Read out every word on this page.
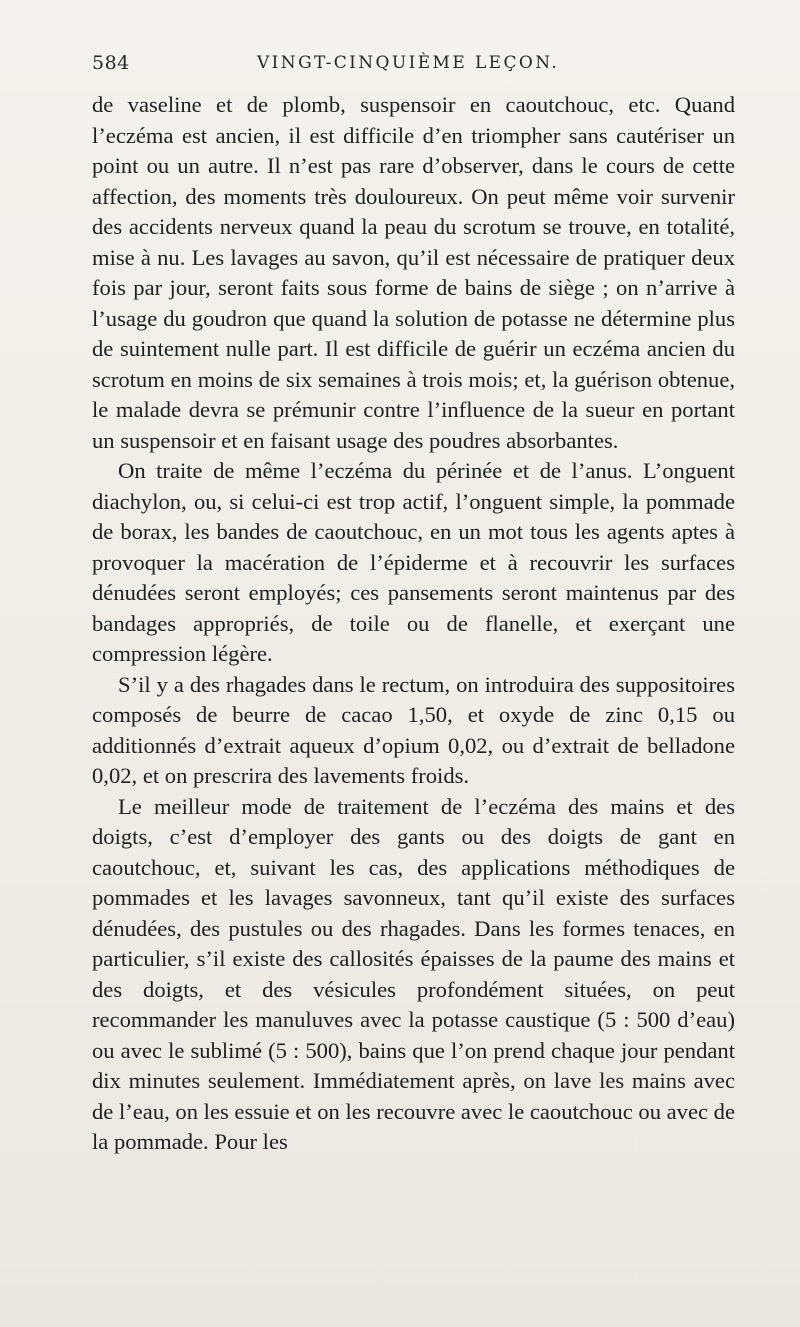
584	VINGT-CINQUIÈME LEÇON.

de vaseline et de plomb, suspensoir en caoutchouc, etc. Quand l’eczéma est ancien, il est difficile d’en triompher sans cautériser un point ou un autre. Il n’est pas rare d’observer, dans le cours de cette affection, des moments très douloureux. On peut même voir survenir des accidents nerveux quand la peau du scrotum se trouve, en totalité, mise à nu. Les lavages au savon, qu’il est nécessaire de pratiquer deux fois par jour, seront faits sous forme de bains de siège ; on n’arrive à l’usage du goudron que quand la solution de potasse ne détermine plus de suintement nulle part. Il est difficile de guérir un eczéma ancien du scrotum en moins de six semaines à trois mois; et, la guérison obtenue, le malade devra se prémunir contre l’influence de la sueur en portant un suspensoir et en faisant usage des poudres absorbantes.

On traite de même l’eczéma du périnée et de l’anus. L’onguent diachylon, ou, si celui-ci est trop actif, l’onguent simple, la pommade de borax, les bandes de caoutchouc, en un mot tous les agents aptes à provoquer la macération de l’épiderme et à recouvrir les surfaces dénudées seront employés; ces pansements seront maintenus par des bandages appropriés, de toile ou de flanelle, et exerçant une compression légère.

S’il y a des rhagades dans le rectum, on introduira des suppositoires composés de beurre de cacao 1,50, et oxyde de zinc 0,15 ou additionnés d’extrait aqueux d’opium 0,02, ou d’extrait de belladone 0,02, et on prescrira des lavements froids.

Le meilleur mode de traitement de l’eczéma des mains et des doigts, c’est d’employer des gants ou des doigts de gant en caoutchouc, et, suivant les cas, des applications méthodiques de pommades et les lavages savonneux, tant qu’il existe des surfaces dénudées, des pustules ou des rhagades. Dans les formes tenaces, en particulier, s’il existe des callosités épaisses de la paume des mains et des doigts, et des vésicules profondément situées, on peut recommander les manuluves avec la potasse caustique (5 : 500 d’eau) ou avec le sublimé (5 : 500), bains que l’on prend chaque jour pendant dix minutes seulement. Immédiatement après, on lave les mains avec de l’eau, on les essuie et on les recouvre avec le caoutchouc ou avec de la pommade. Pour les
